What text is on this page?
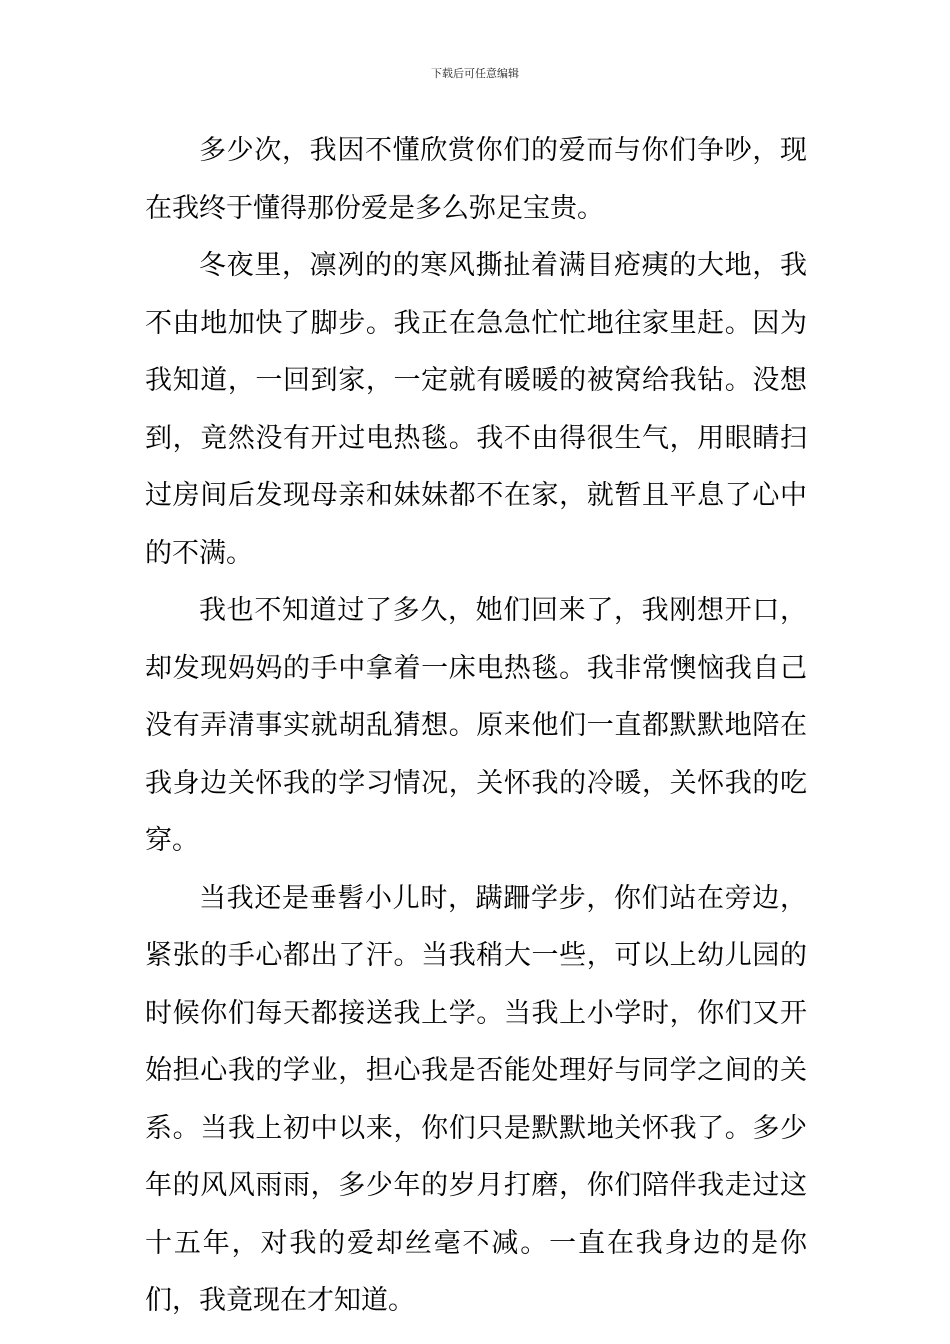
下载后可任意编辑

多少次，我因不懂欣赏你们的爱而与你们争吵，现在我终于懂得那份爱是多么弥足宝贵。

冬夜里，凛冽的的寒风撕扯着满目疮痍的大地，我不由地加快了脚步。我正在急急忙忙地往家里赶。因为我知道，一回到家，一定就有暖暖的被窝给我钻。没想到，竟然没有开过电热毯。我不由得很生气，用眼睛扫过房间后发现母亲和妹妹都不在家，就暂且平息了心中的不满。

我也不知道过了多久，她们回来了，我刚想开口，却发现妈妈的手中拿着一床电热毯。我非常懊恼我自己没有弄清事实就胡乱猜想。原来他们一直都默默地陪在我身边关怀我的学习情况，关怀我的冷暖，关怀我的吃穿。

当我还是垂髫小儿时，蹒跚学步，你们站在旁边，紧张的手心都出了汗。当我稍大一些，可以上幼儿园的时候你们每天都接送我上学。当我上小学时，你们又开始担心我的学业，担心我是否能处理好与同学之间的关系。当我上初中以来，你们只是默默地关怀我了。多少年的风风雨雨，多少年的岁月打磨，你们陪伴我走过这十五年，对我的爱却丝毫不减。一直在我身边的是你们，我竟现在才知道。
